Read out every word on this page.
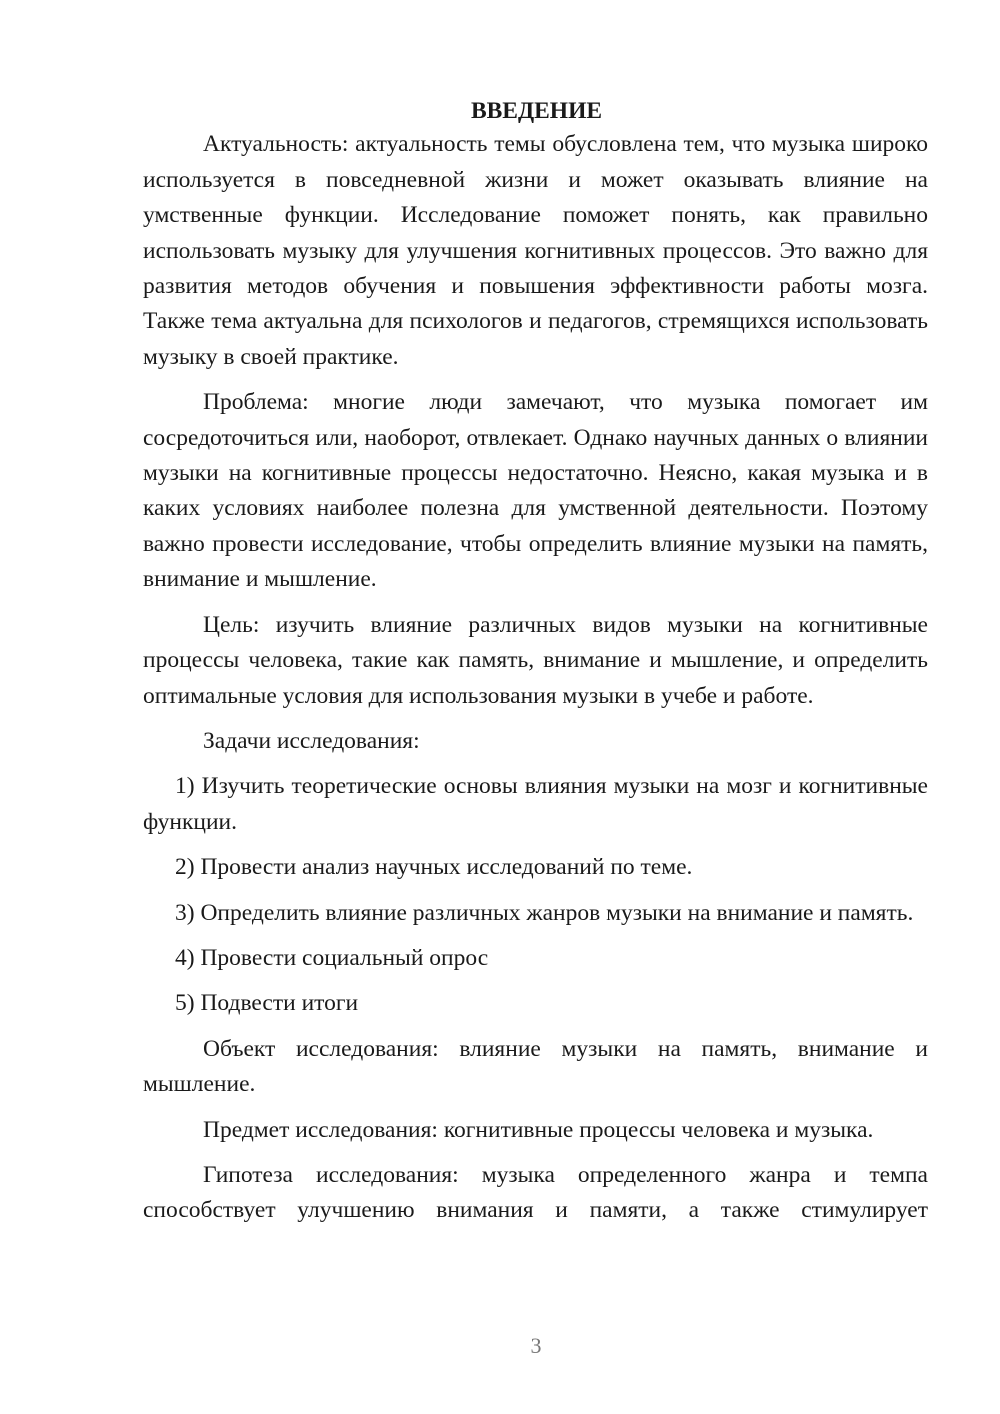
ВВЕДЕНИЕ

Актуальность: актуальность темы обусловлена тем, что музыка широко используется в повседневной жизни и может оказывать влияние на умственные функции. Исследование поможет понять, как правильно использовать музыку для улучшения когнитивных процессов. Это важно для развития методов обучения и повышения эффективности работы мозга. Также тема актуальна для психологов и педагогов, стремящихся использовать музыку в своей практике.

Проблема: многие люди замечают, что музыка помогает им сосредоточиться или, наоборот, отвлекает. Однако научных данных о влиянии музыки на когнитивные процессы недостаточно. Неясно, какая музыка и в каких условиях наиболее полезна для умственной деятельности. Поэтому важно провести исследование, чтобы определить влияние музыки на память, внимание и мышление.

Цель: изучить влияние различных видов музыки на когнитивные процессы человека, такие как память, внимание и мышление, и определить оптимальные условия для использования музыки в учебе и работе.

Задачи исследования:

1) Изучить теоретические основы влияния музыки на мозг и когнитивные функции.

2) Провести анализ научных исследований по теме.

3) Определить влияние различных жанров музыки на внимание и память.

4) Провести социальный опрос

5) Подвести итоги

Объект исследования: влияние музыки на память, внимание и мышление.

Предмет исследования: когнитивные процессы человека и музыка.

Гипотеза исследования: музыка определенного жанра и темпа способствует улучшению внимания и памяти, а также стимулирует

3
